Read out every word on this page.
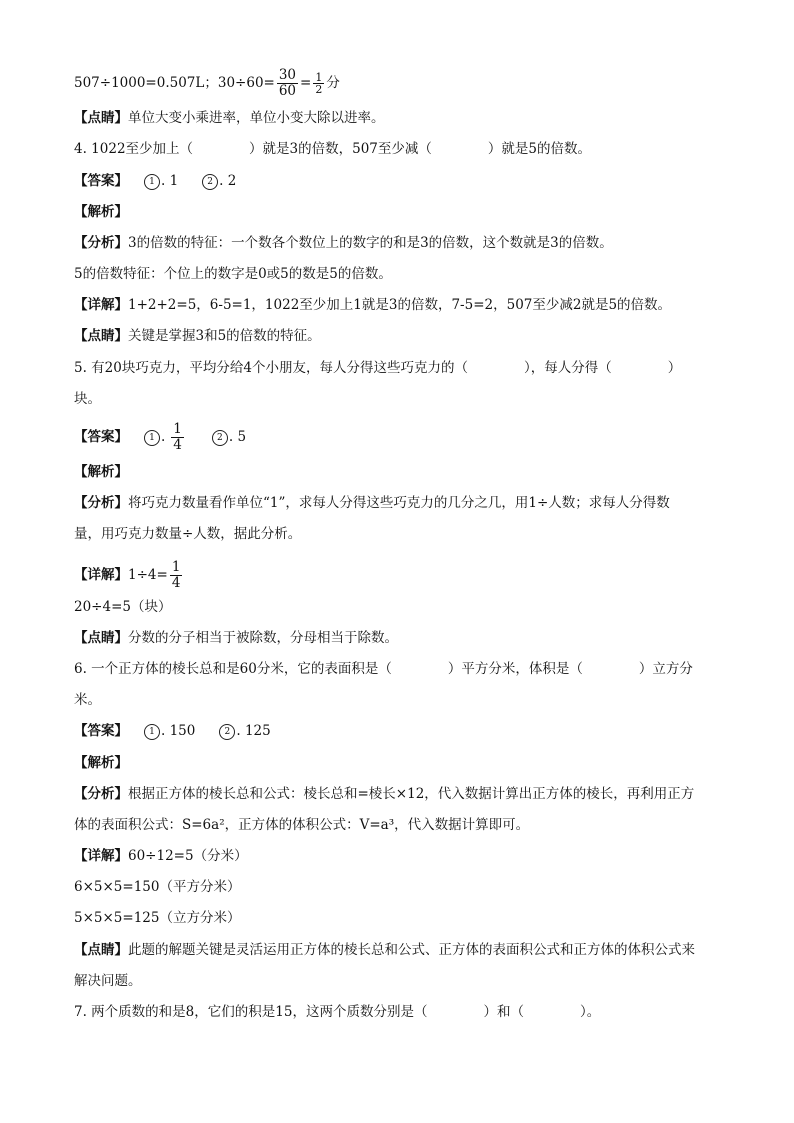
507÷1000=0.507L；$30\div 60= \frac{30}{60} = \frac{1}{2}$ 分
【点睛】单位大变小乘进率，单位小变大除以进率。
4. 1022至少加上（	）就是3的倍数，507至少减（	）就是5的倍数。
【答案】 1 . 1	2 . 2
【解析】
【分析】3的倍数的特征：一个数各个数位上的数字的和是3的倍数，这个数就是3的倍数。
5的倍数特征：个位上的数字是0或5的数是5的倍数。
【详解】1+2+2=5，6-5=1，1022至少加上1就是3的倍数，7-5=2，507至少减2就是5的倍数。
【点睛】关键是掌握3和5的倍数的特征。
5. 有20块巧克力，平均分给4个小朋友，每人分得这些巧克力的（	），每人分得（	）
块。
【答案】 1 . $\frac{1}{4}$	2 . 5
【解析】
【分析】将巧克力数量看作单位“1”，求每人分得这些巧克力的几分之几，用1÷人数；求每人分得数
量，用巧克力数量÷人数，据此分析。
【详解】$1\div 4= \frac{1}{4}$
20÷4=5（块）
【点睛】分数的分子相当于被除数，分母相当于除数。
6. 一个正方体的棱长总和是60分米，它的表面积是（	）平方分米，体积是（	）立方分
米。
【答案】 1 . 150	2 . 125
【解析】
【分析】根据正方体的棱长总和公式：棱长总和=棱长×12，代入数据计算出正方体的棱长，再利用正方
体的表面积公式：S=6a²，正方体的体积公式：V=a³，代入数据计算即可。
【详解】60÷12=5（分米）
6×5×5=150（平方分米）
5×5×5=125（立方分米）
【点睛】此题的解题关键是灵活运用正方体的棱长总和公式、正方体的表面积公式和正方体的体积公式来
解决问题。
7. 两个质数的和是8，它们的积是15，这两个质数分别是（	）和（	）。
